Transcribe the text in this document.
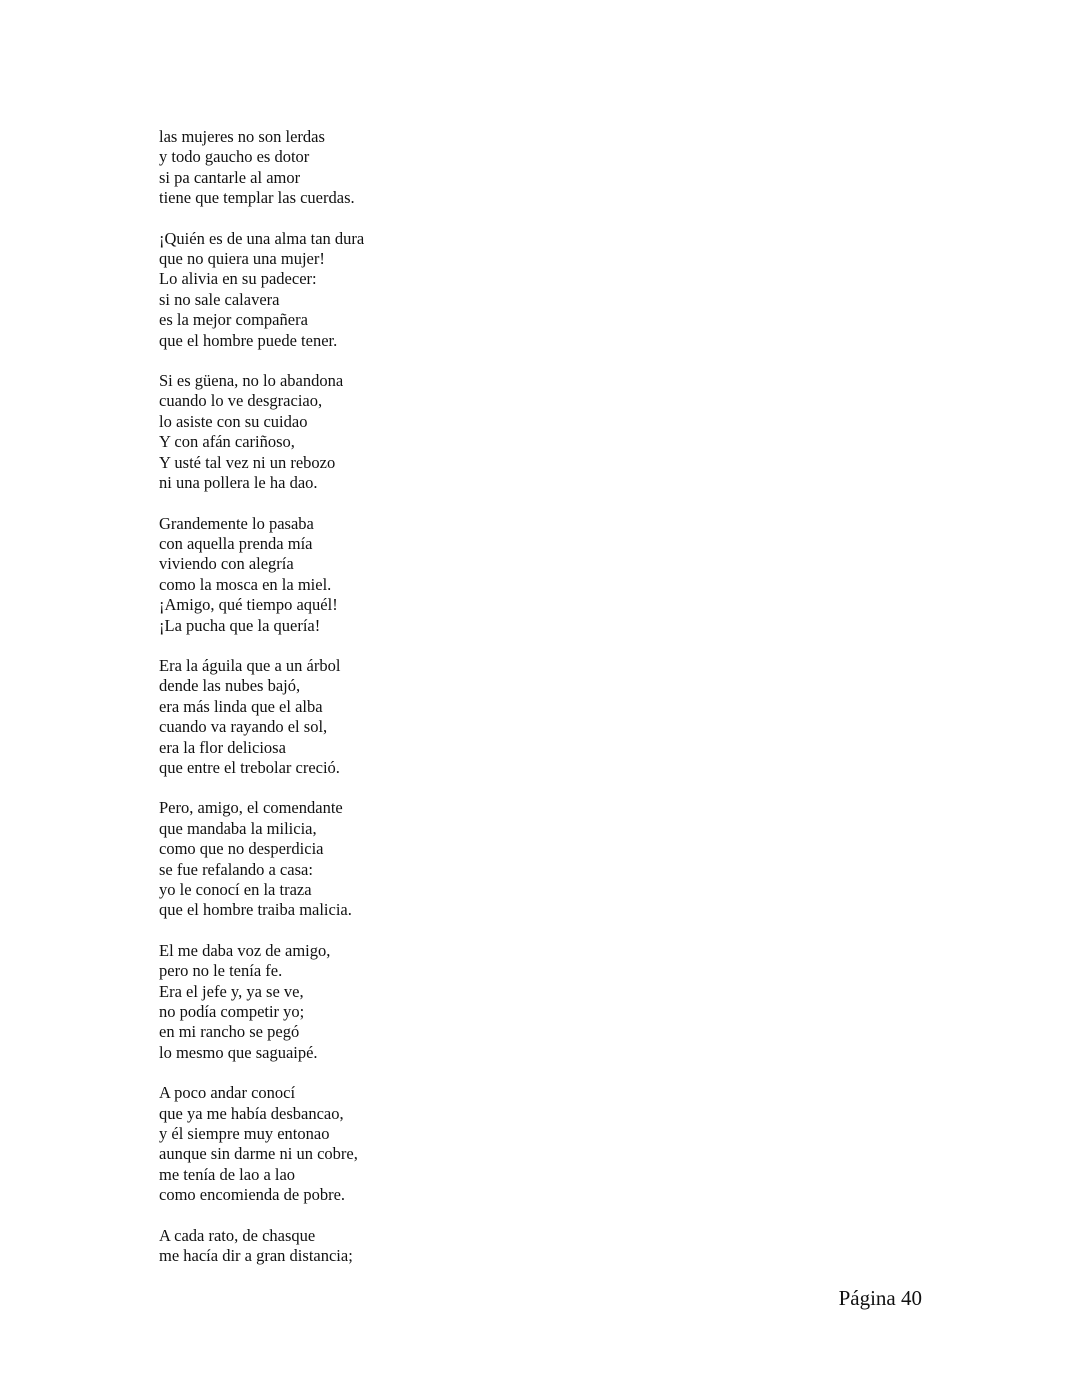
las mujeres no son lerdas
y todo gaucho es dotor
si pa cantarle al amor
tiene que templar las cuerdas.
¡Quién es de una alma tan dura
que no quiera una mujer!
Lo alivia en su padecer:
si no sale calavera
es la mejor compañera
que el hombre puede tener.
Si es güena, no lo abandona
cuando lo ve desgraciao,
lo asiste con su cuidao
Y con afán cariñoso,
Y usté tal vez ni un rebozo
ni una pollera le ha dao.
Grandemente lo pasaba
con aquella prenda mía
viviendo con alegría
como la mosca en la miel.
¡Amigo, qué tiempo aquél!
¡La pucha que la quería!
Era la águila que a un árbol
dende las nubes bajó,
era más linda que el alba
cuando va rayando el sol,
era la flor deliciosa
que entre el trebolar creció.
Pero, amigo, el comendante
que mandaba la milicia,
como que no desperdicia
se fue refalando a casa:
yo le conocí en la traza
que el hombre traiba malicia.
El me daba voz de amigo,
pero no le tenía fe.
Era el jefe y, ya se ve,
no podía competir yo;
en mi rancho se pegó
lo mesmo que saguaipé.
A poco andar conocí
que ya me había desbancao,
y él siempre muy entonao
aunque sin darme ni un cobre,
me tenía de lao a lao
como encomienda de pobre.
A cada rato, de chasque
me hacía dir a gran distancia;
Página 40
